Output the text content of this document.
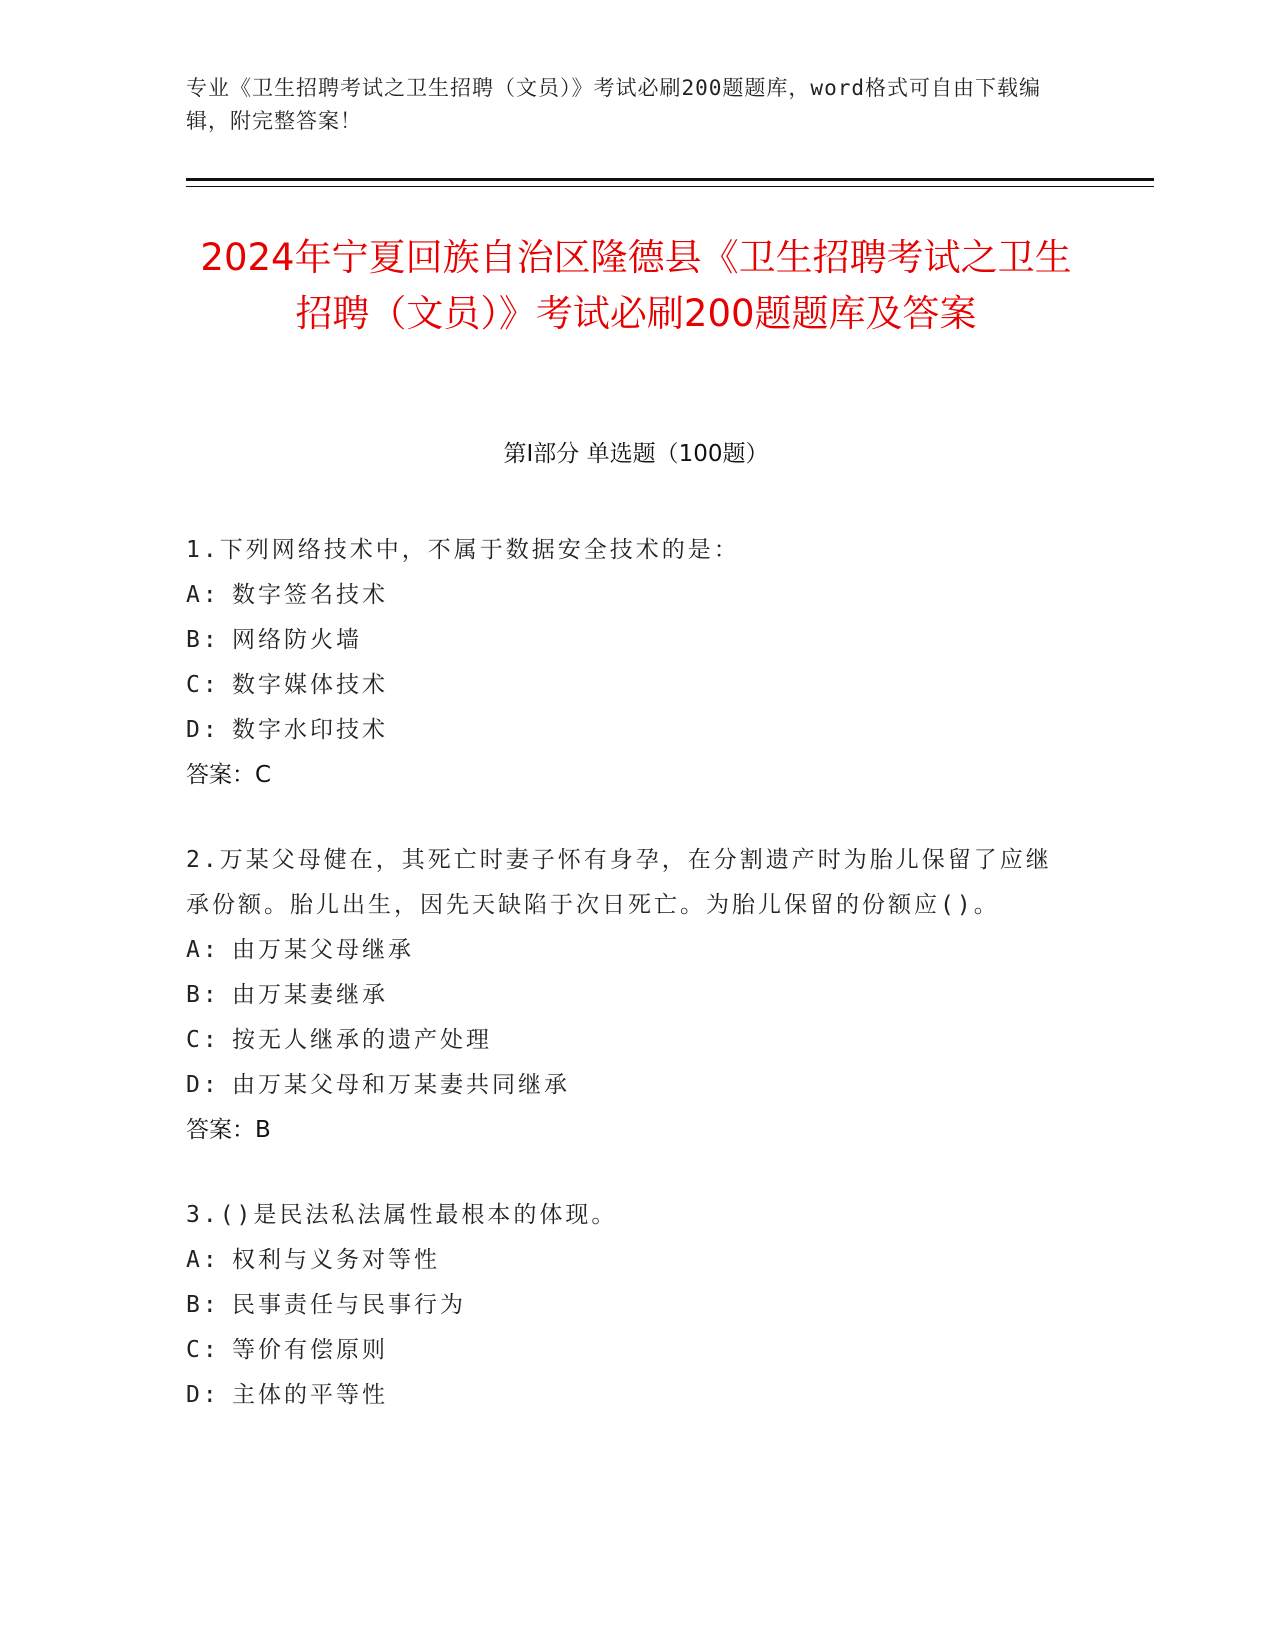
专业《卫生招聘考试之卫生招聘（文员）》考试必刷200题题库，word格式可自由下载编辑，附完整答案！
2024年宁夏回族自治区隆德县《卫生招聘考试之卫生招聘（文员）》考试必刷200题题库及答案
第Ⅰ部分 单选题（100题）

1.下列网络技术中，不属于数据安全技术的是：

A: 数字签名技术

B: 网络防火墙

C: 数字媒体技术

D: 数字水印技术

答案：C

2.万某父母健在，其死亡时妻子怀有身孕，在分割遗产时为胎儿保留了应继承份额。胎儿出生，因先天缺陷于次日死亡。为胎儿保留的份额应()。

A: 由万某父母继承

B: 由万某妻继承

C: 按无人继承的遗产处理

D: 由万某父母和万某妻共同继承

答案：B

3.()是民法私法属性最根本的体现。

A: 权利与义务对等性

B: 民事责任与民事行为

C: 等价有偿原则

D: 主体的平等性
